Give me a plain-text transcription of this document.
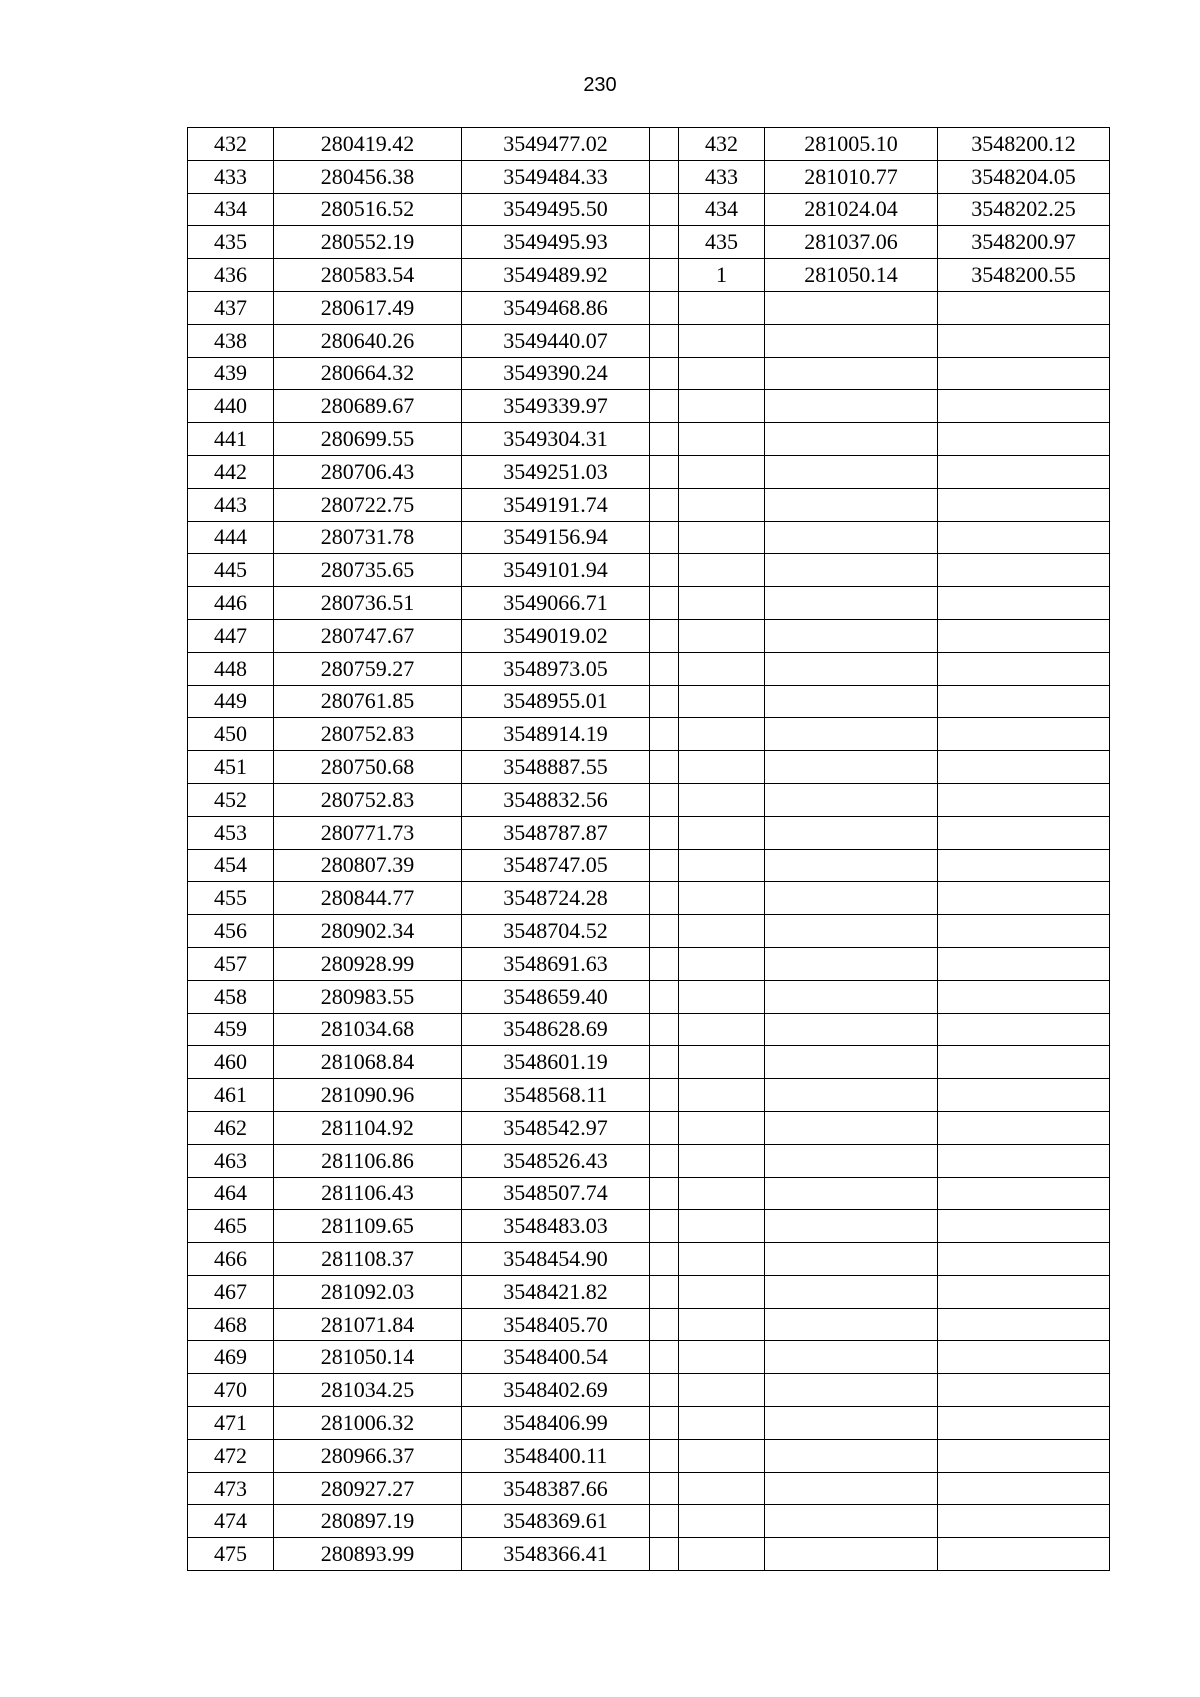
230
432	280419.42	3549477.02		432	281005.10	3548200.12
433	280456.38	3549484.33		433	281010.77	3548204.05
434	280516.52	3549495.50		434	281024.04	3548202.25
435	280552.19	3549495.93		435	281037.06	3548200.97
436	280583.54	3549489.92		1	281050.14	3548200.55
437	280617.49	3549468.86				
438	280640.26	3549440.07				
439	280664.32	3549390.24				
440	280689.67	3549339.97				
441	280699.55	3549304.31				
442	280706.43	3549251.03				
443	280722.75	3549191.74				
444	280731.78	3549156.94				
445	280735.65	3549101.94				
446	280736.51	3549066.71				
447	280747.67	3549019.02				
448	280759.27	3548973.05				
449	280761.85	3548955.01				
450	280752.83	3548914.19				
451	280750.68	3548887.55				
452	280752.83	3548832.56				
453	280771.73	3548787.87				
454	280807.39	3548747.05				
455	280844.77	3548724.28				
456	280902.34	3548704.52				
457	280928.99	3548691.63				
458	280983.55	3548659.40				
459	281034.68	3548628.69				
460	281068.84	3548601.19				
461	281090.96	3548568.11				
462	281104.92	3548542.97				
463	281106.86	3548526.43				
464	281106.43	3548507.74				
465	281109.65	3548483.03				
466	281108.37	3548454.90				
467	281092.03	3548421.82				
468	281071.84	3548405.70				
469	281050.14	3548400.54				
470	281034.25	3548402.69				
471	281006.32	3548406.99				
472	280966.37	3548400.11				
473	280927.27	3548387.66				
474	280897.19	3548369.61				
475	280893.99	3548366.41				
